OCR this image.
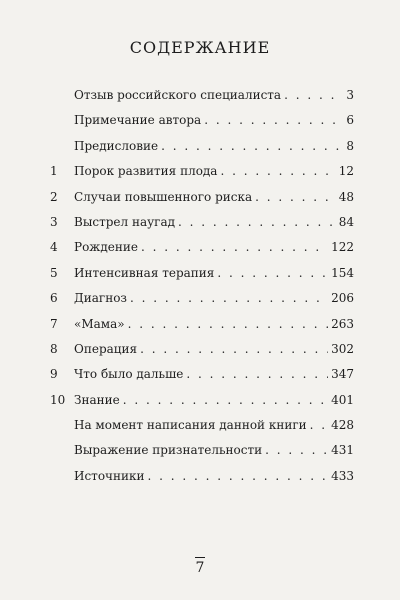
СОДЕРЖАНИЕ
Отзыв российского специалиста . . .	3
Примечание автора . . .	6
Предисловие . . .	8
1	Порок развития плода . . .	12
2	Случаи повышенного риска . . .	48
3	Выстрел наугад . . .	84
4	Рождение . . .	122
5	Интенсивная терапия . . .	154
6	Диагноз . . .	206
7	«Мама» . . .	263
8	Операция . . .	302
9	Что было дальше . . .	347
10 Знание . . .	401
На момент написания данной книги . . . 428
Выражение признательности . . .	431
Источники . . .	433
7
